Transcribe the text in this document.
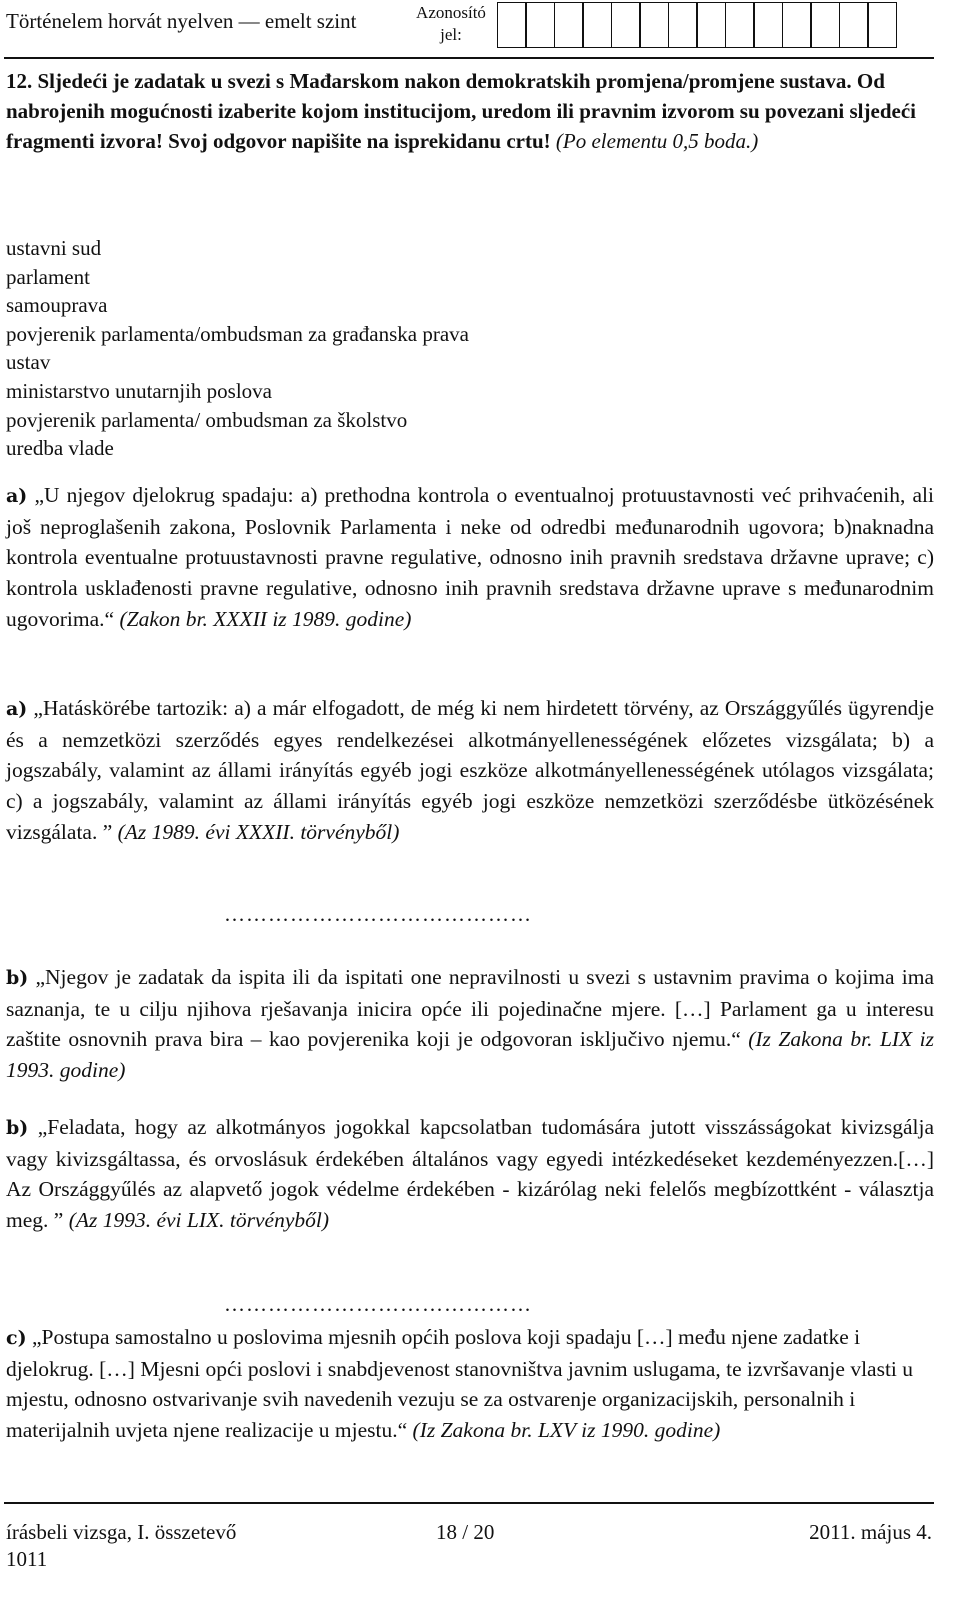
Történelem horvát nyelven — emelt szint	Azonosító jel:
12. Sljedeći je zadatak u svezi s Mađarskom nakon demokratskih promjena/promjene sustava. Od nabrojenih mogućnosti izaberite kojom institucijom, uredom ili pravnim izvorom su povezani sljedeći fragmenti izvora! Svoj odgovor napišite na isprekidanu crtu! (Po elementu 0,5 boda.)
ustavni sud
parlament
samouprava
povjerenik parlamenta/ombudsman za građanska prava
ustav
ministarstvo unutarnjih poslova
povjerenik parlamenta/ ombudsman za školstvo
uredba vlade
a) „U njegov djelokrug spadaju: a) prethodna kontrola o eventualnoj protuustavnosti već prihvaćenih, ali još neproglašenih zakona, Poslovnik Parlamenta i neke od odredbi međunarodnih ugovora; b)naknadna kontrola eventualne protuustavnosti pravne regulative, odnosno inih pravnih sredstava državne uprave; c) kontrola usklađenosti pravne regulative, odnosno inih pravnih sredstava državne uprave s međunarodnim ugovorima.“ (Zakon br. XXXII iz 1989. godine)
a) „Hatáskörébe tartozik: a) a már elfogadott, de még ki nem hirdetett törvény, az Országgyűlés ügyrendje és a nemzetközi szerződés egyes rendelkezései alkotmányellenességének előzetes vizsgálata; b) a jogszabály, valamint az állami irányítás egyéb jogi eszköze alkotmányellenességének utólagos vizsgálata; c) a jogszabály, valamint az állami irányítás egyéb jogi eszköze nemzetközi szerződésbe ütközésének vizsgálata. ” (Az 1989. évi XXXII. törvényből)
……………………………………
b) „Njegov je zadatak da ispita ili da ispitati one nepravilnosti u svezi s ustavnim pravima o kojima ima saznanja, te u cilju njihova rješavanja inicira opće ili pojedinačne mjere. […] Parlament ga u interesu zaštite osnovnih prava bira – kao povjerenika koji je odgovoran isključivo njemu.“ (Iz Zakona br. LIX iz 1993. godine)
b) „Feladata, hogy az alkotmányos jogokkal kapcsolatban tudomására jutott visszásságokat kivizsgálja vagy kivizsgáltassa, és orvoslásuk érdekében általános vagy egyedi intézkedéseket kezdeményezzen.[…] Az Országgyűlés az alapvető jogok védelme érdekében - kizárólag neki felelős megbízottként - választja meg. ” (Az 1993. évi LIX. törvényből)
……………………………………
c) „Postupa samostalno u poslovima mjesnih općih poslova koji spadaju […] među njene zadatke i djelokrug. […] Mjesni opći poslovi i snabdjevenost stanovništva javnim uslugama, te izvršavanje vlasti u mjestu, odnosno ostvarivanje svih navedenih vezuju se za ostvarenje organizacijskih, personalnih i materijalnih uvjeta njene realizacije u mjestu.“ (Iz Zakona br. LXV iz 1990. godine)
írásbeli vizsga, I. összetevő
1011
18 / 20	2011. május 4.
